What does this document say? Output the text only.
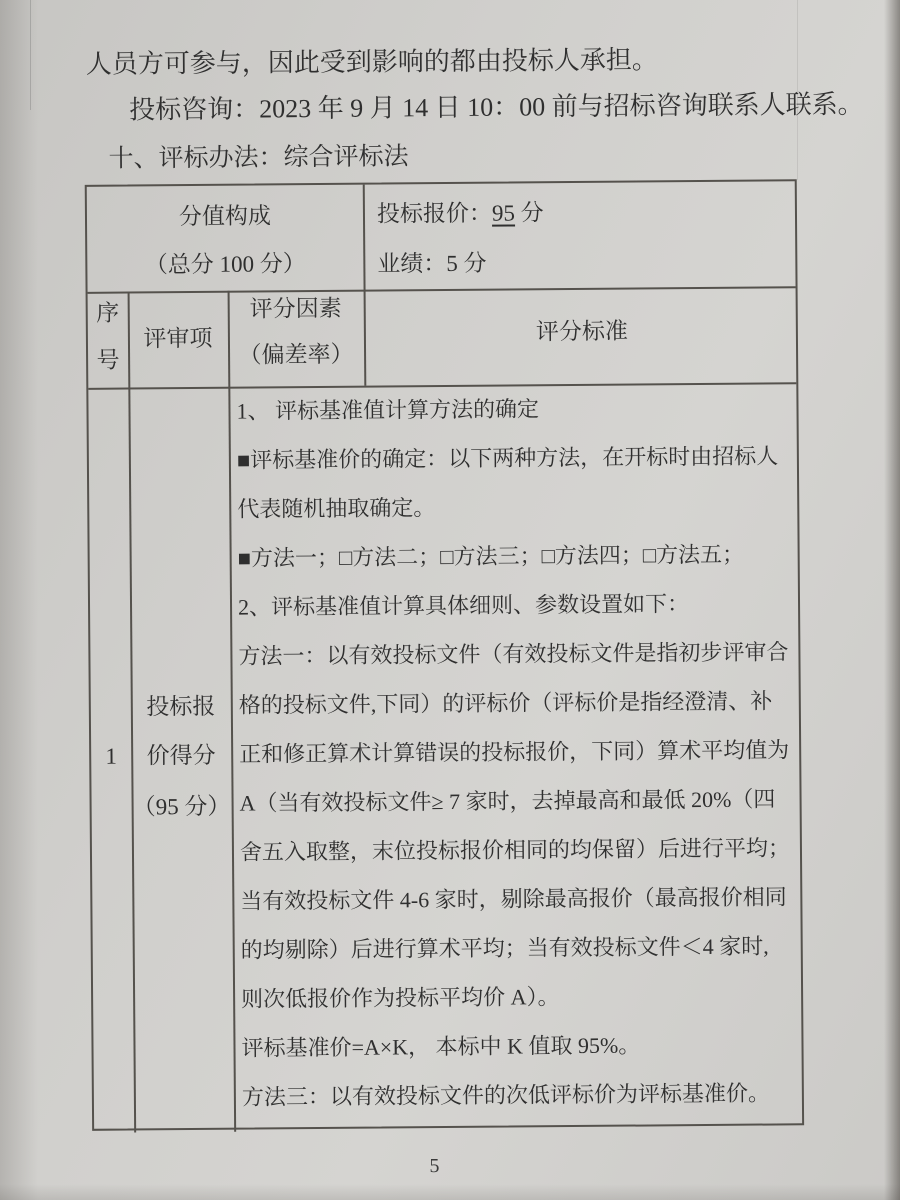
人员方可参与，因此受到影响的都由投标人承担。
投标咨询：2023 年 9 月 14 日 10：00 前与招标咨询联系人联系。
十、评标办法：综合评标法
分值构成
（总分 100 分）
投标报价：95 分
业绩：5 分
序
号
评审项
评分因素
（偏差率）
评分标准
1
投标报
价得分
（95 分）
1、 评标基准值计算方法的确定
■评标基准价的确定：以下两种方法，在开标时由招标人
代表随机抽取确定。
■方法一；□方法二；□方法三；□方法四；□方法五；
2、评标基准值计算具体细则、参数设置如下：
方法一：以有效投标文件（有效投标文件是指初步评审合
格的投标文件,下同）的评标价（评标价是指经澄清、补
正和修正算术计算错误的投标报价，下同）算术平均值为
A（当有效投标文件≥ 7 家时，去掉最高和最低 20%（四
舍五入取整，末位投标报价相同的均保留）后进行平均；
当有效投标文件 4-6 家时，剔除最高报价（最高报价相同
的均剔除）后进行算术平均；当有效投标文件＜4 家时,
则次低报价作为投标平均价 A）。
评标基准价=A×K， 本标中 K 值取 95%。
方法三：以有效投标文件的次低评标价为评标基准价。
5
